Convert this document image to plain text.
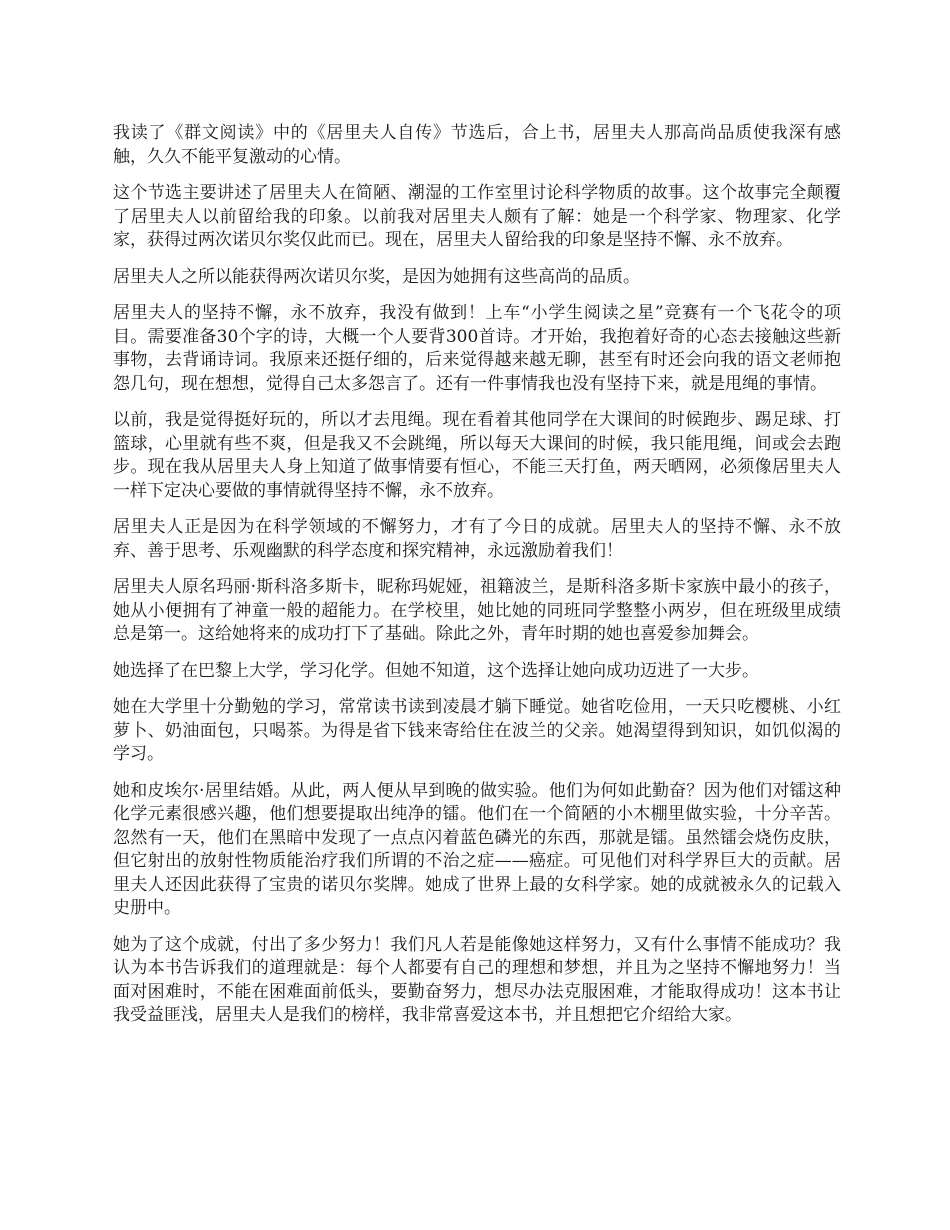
我读了《群文阅读》中的《居里夫人自传》节选后，合上书，居里夫人那高尚品质使我深有感触，久久不能平复激动的心情。

这个节选主要讲述了居里夫人在简陋、潮湿的工作室里讨论科学物质的故事。这个故事完全颠覆了居里夫人以前留给我的印象。以前我对居里夫人颇有了解：她是一个科学家、物理家、化学家，获得过两次诺贝尔奖仅此而已。现在，居里夫人留给我的印象是坚持不懈、永不放弃。

居里夫人之所以能获得两次诺贝尔奖，是因为她拥有这些高尚的品质。

居里夫人的坚持不懈，永不放弃，我没有做到！上车“小学生阅读之星”竞赛有一个飞花令的项目。需要准备30个字的诗，大概一个人要背300首诗。才开始，我抱着好奇的心态去接触这些新事物，去背诵诗词。我原来还挺仔细的，后来觉得越来越无聊，甚至有时还会向我的语文老师抱怨几句，现在想想，觉得自己太多怨言了。还有一件事情我也没有坚持下来，就是甩绳的事情。

以前，我是觉得挺好玩的，所以才去甩绳。现在看着其他同学在大课间的时候跑步、踢足球、打篮球，心里就有些不爽，但是我又不会跳绳，所以每天大课间的时候，我只能甩绳，间或会去跑步。现在我从居里夫人身上知道了做事情要有恒心，不能三天打鱼，两天晒网，必须像居里夫人一样下定决心要做的事情就得坚持不懈，永不放弃。

居里夫人正是因为在科学领域的不懈努力，才有了今日的成就。居里夫人的坚持不懈、永不放弃、善于思考、乐观幽默的科学态度和探究精神，永远激励着我们！

居里夫人原名玛丽·斯科洛多斯卡，昵称玛妮娅，祖籍波兰，是斯科洛多斯卡家族中最小的孩子，她从小便拥有了神童一般的超能力。在学校里，她比她的同班同学整整小两岁，但在班级里成绩总是第一。这给她将来的成功打下了基础。除此之外，青年时期的她也喜爱参加舞会。

她选择了在巴黎上大学，学习化学。但她不知道，这个选择让她向成功迈进了一大步。

她在大学里十分勤勉的学习，常常读书读到凌晨才躺下睡觉。她省吃俭用，一天只吃樱桃、小红萝卜、奶油面包，只喝茶。为得是省下钱来寄给住在波兰的父亲。她渴望得到知识，如饥似渴的学习。

她和皮埃尔·居里结婚。从此，两人便从早到晚的做实验。他们为何如此勤奋？因为他们对镭这种化学元素很感兴趣，他们想要提取出纯净的镭。他们在一个简陋的小木棚里做实验，十分辛苦。忽然有一天，他们在黑暗中发现了一点点闪着蓝色磷光的东西，那就是镭。虽然镭会烧伤皮肤，但它射出的放射性物质能治疗我们所谓的不治之症——癌症。可见他们对科学界巨大的贡献。居里夫人还因此获得了宝贵的诺贝尔奖牌。她成了世界上最的女科学家。她的成就被永久的记载入史册中。

她为了这个成就，付出了多少努力！我们凡人若是能像她这样努力，又有什么事情不能成功？我认为本书告诉我们的道理就是：每个人都要有自己的理想和梦想，并且为之坚持不懈地努力！当面对困难时，不能在困难面前低头，要勤奋努力，想尽办法克服困难，才能取得成功！这本书让我受益匪浅，居里夫人是我们的榜样，我非常喜爱这本书，并且想把它介绍给大家。
